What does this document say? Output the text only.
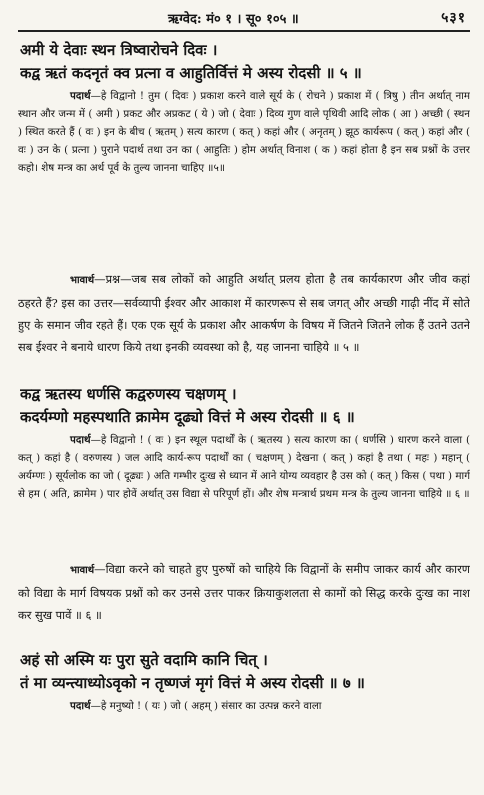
ऋग्वेद: मं० १ । सू० १०५ ॥	५३१
अमी ये देवाः स्थन त्रिष्वारोचने दिवः ।
कद्व ऋतं कदनृतं क्व प्रत्ना व आहुतिर्वित्तं मे अस्य रोदसी ॥ ५ ॥

पदार्थ—हे विद्वानो ! तुम ( दिवः ) प्रकाश करने वाले सूर्य के ( रोचने ) प्रकाश में ( त्रिषु ) तीन अर्थात् नाम स्थान और जन्म में ( अमी ) प्रकट और अप्रकट ( ये ) जो ( देवाः ) दिव्य गुण वाले पृथिवी आदि लोक ( आ ) अच्छी ( स्थन ) स्थित करते हैं ( वः ) इन के बीच ( ऋतम् ) सत्य कारण ( कत् ) कहां और ( अनृतम् ) झूठ कार्यरूप ( कत् ) कहां और ( वः ) उन के ( प्रत्ना ) पुराने पदार्थ तथा उन का ( आहुतिः ) होम अर्थात् विनाश ( क ) कहां होता है इन सब प्रश्नों के उत्तर कहो। शेष मन्त्र का अर्थ पूर्व के तुल्य जानना चाहिए ॥५॥

भावार्थ—प्रश्न—जब सब लोकों को आहुति अर्थात् प्रलय होता है तब कार्यकारण और जीव कहां ठहरते हैं? इस का उत्तर—सर्वव्यापी ईश्वर और आकाश में कारणरूप से सब जगत् और अच्छी गाढ़ी नींद में सोते हुए के समान जीव रहते हैं। एक एक सूर्य के प्रकाश और आकर्षण के विषय में जितने जितने लोक हैं उतने उतने सब ईश्वर ने बनाये धारण किये तथा इनकी व्यवस्था को है, यह जानना चाहिये ॥ ५ ॥

कद्व ऋतस्य धर्णसि कद्वरुणस्य चक्षणम् ।
कदर्यम्णो महस्पथाति क्रामेम दूढ्यो वित्तं मे अस्य रोदसी ॥ ६ ॥

पदार्थ—हे विद्वानो ! ( वः ) इन स्थूल पदार्थों के ( ऋतस्य ) सत्य कारण का ( धर्णसि ) धारण करने वाला ( कत् ) कहां है ( वरुणस्य ) जल आदि कार्य-रूप पदार्थों का ( चक्षणम् ) देखना ( कत् ) कहां है तथा ( महः ) महान् ( अर्यम्णः ) सूर्यलोक का जो ( दूढ्यः ) अति गम्भीर दुःख से ध्यान में आने योग्य व्यवहार है उस को ( कत् ) किस ( पथा ) मार्ग से हम ( अति, क्रामेम ) पार होवें अर्थात् उस विद्या से परिपूर्ण हों। और शेष मन्त्रार्थ प्रथम मन्त्र के तुल्य जानना चाहिये ॥ ६ ॥

भावार्थ—विद्या करने को चाहते हुए पुरुषों को चाहिये कि विद्वानों के समीप जाकर कार्य और कारण को विद्या के मार्ग विषयक प्रश्नों को कर उनसे उत्तर पाकर क्रियाकुशलता से कामों को सिद्ध करके दुःख का नाश कर सुख पावें ॥ ६ ॥

अहं सो अस्मि यः पुरा सुते वदामि कानि चित् ।
तं मा व्यन्त्याध्योऽवृको न तृष्णजं मृगं वित्तं मे अस्य रोदसी ॥ ७ ॥

पदार्थ—हे मनुष्यो ! ( यः ) जो ( अहम् ) संसार का उत्पन्न करने वाला
